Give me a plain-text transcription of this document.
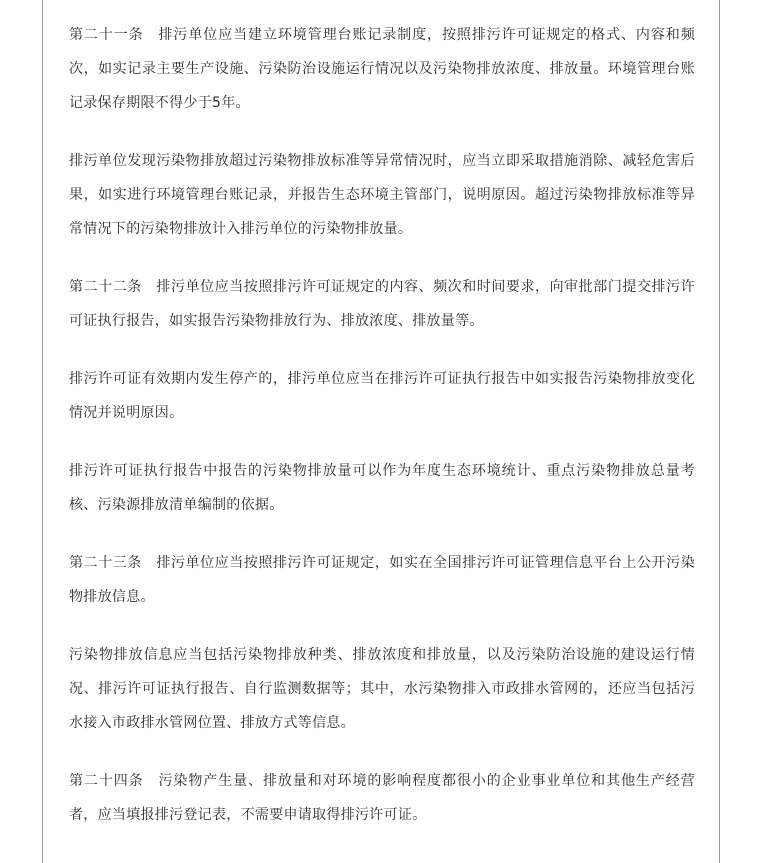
第二十一条　排污单位应当建立环境管理台账记录制度，按照排污许可证规定的格式、内容和频次，如实记录主要生产设施、污染防治设施运行情况以及污染物排放浓度、排放量。环境管理台账记录保存期限不得少于5年。

排污单位发现污染物排放超过污染物排放标准等异常情况时，应当立即采取措施消除、减轻危害后果，如实进行环境管理台账记录，并报告生态环境主管部门，说明原因。超过污染物排放标准等异常情况下的污染物排放计入排污单位的污染物排放量。

第二十二条　排污单位应当按照排污许可证规定的内容、频次和时间要求，向审批部门提交排污许可证执行报告，如实报告污染物排放行为、排放浓度、排放量等。

排污许可证有效期内发生停产的，排污单位应当在排污许可证执行报告中如实报告污染物排放变化情况并说明原因。

排污许可证执行报告中报告的污染物排放量可以作为年度生态环境统计、重点污染物排放总量考核、污染源排放清单编制的依据。

第二十三条　排污单位应当按照排污许可证规定，如实在全国排污许可证管理信息平台上公开污染物排放信息。

污染物排放信息应当包括污染物排放种类、排放浓度和排放量，以及污染防治设施的建设运行情况、排污许可证执行报告、自行监测数据等；其中，水污染物排入市政排水管网的，还应当包括污水接入市政排水管网位置、排放方式等信息。

第二十四条　污染物产生量、排放量和对环境的影响程度都很小的企业事业单位和其他生产经营者，应当填报排污登记表，不需要申请取得排污许可证。
